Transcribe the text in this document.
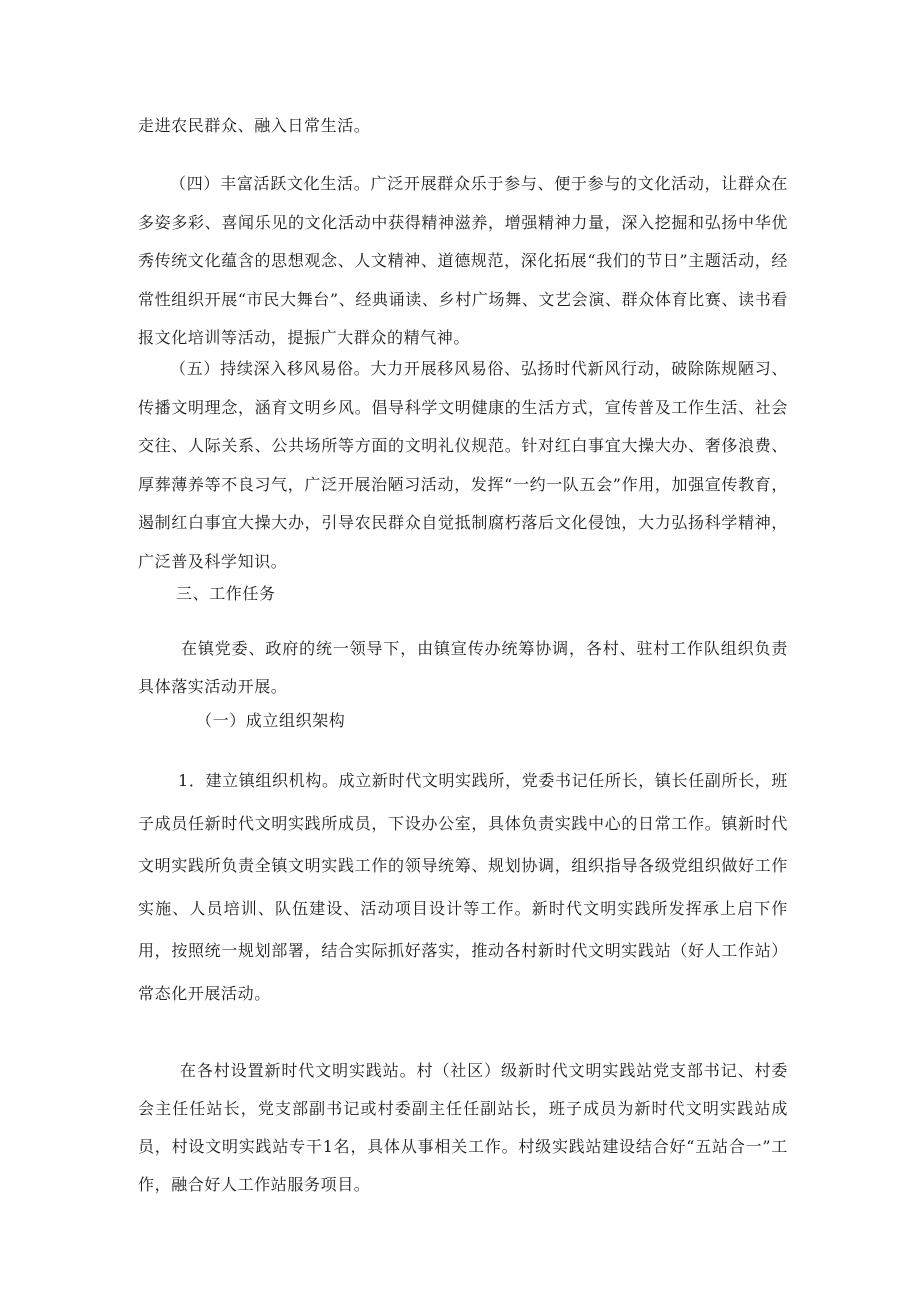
走进农民群众、融入日常生活。

（四）丰富活跃文化生活。广泛开展群众乐于参与、便于参与的文化活动，让群众在多姿多彩、喜闻乐见的文化活动中获得精神滋养，增强精神力量，深入挖掘和弘扬中华优秀传统文化蕴含的思想观念、人文精神、道德规范，深化拓展“我们的节日”主题活动，经常性组织开展“市民大舞台”、经典诵读、乡村广场舞、文艺会演、群众体育比赛、读书看报文化培训等活动，提振广大群众的精气神。

（五）持续深入移风易俗。大力开展移风易俗、弘扬时代新风行动，破除陈规陋习、传播文明理念，涵育文明乡风。倡导科学文明健康的生活方式，宣传普及工作生活、社会交往、人际关系、公共场所等方面的文明礼仪规范。针对红白事宜大操大办、奢侈浪费、厚葬薄养等不良习气，广泛开展治陋习活动，发挥“一约一队五会”作用，加强宣传教育，遏制红白事宜大操大办，引导农民群众自觉抵制腐朽落后文化侵蚀，大力弘扬科学精神，广泛普及科学知识。

三、工作任务

在镇党委、政府的统一领导下，由镇宣传办统筹协调，各村、驻村工作队组织负责具体落实活动开展。

（一）成立组织架构

1．建立镇组织机构。成立新时代文明实践所，党委书记任所长，镇长任副所长，班子成员任新时代文明实践所成员，下设办公室，具体负责实践中心的日常工作。镇新时代文明实践所负责全镇文明实践工作的领导统筹、规划协调，组织指导各级党组织做好工作实施、人员培训、队伍建设、活动项目设计等工作。新时代文明实践所发挥承上启下作用，按照统一规划部署，结合实际抓好落实，推动各村新时代文明实践站（好人工作站）常态化开展活动。

在各村设置新时代文明实践站。村（社区）级新时代文明实践站党支部书记、村委会主任任站长，党支部副书记或村委副主任任副站长，班子成员为新时代文明实践站成员，村设文明实践站专干1名，具体从事相关工作。村级实践站建设结合好“五站合一”工作，融合好人工作站服务项目。
